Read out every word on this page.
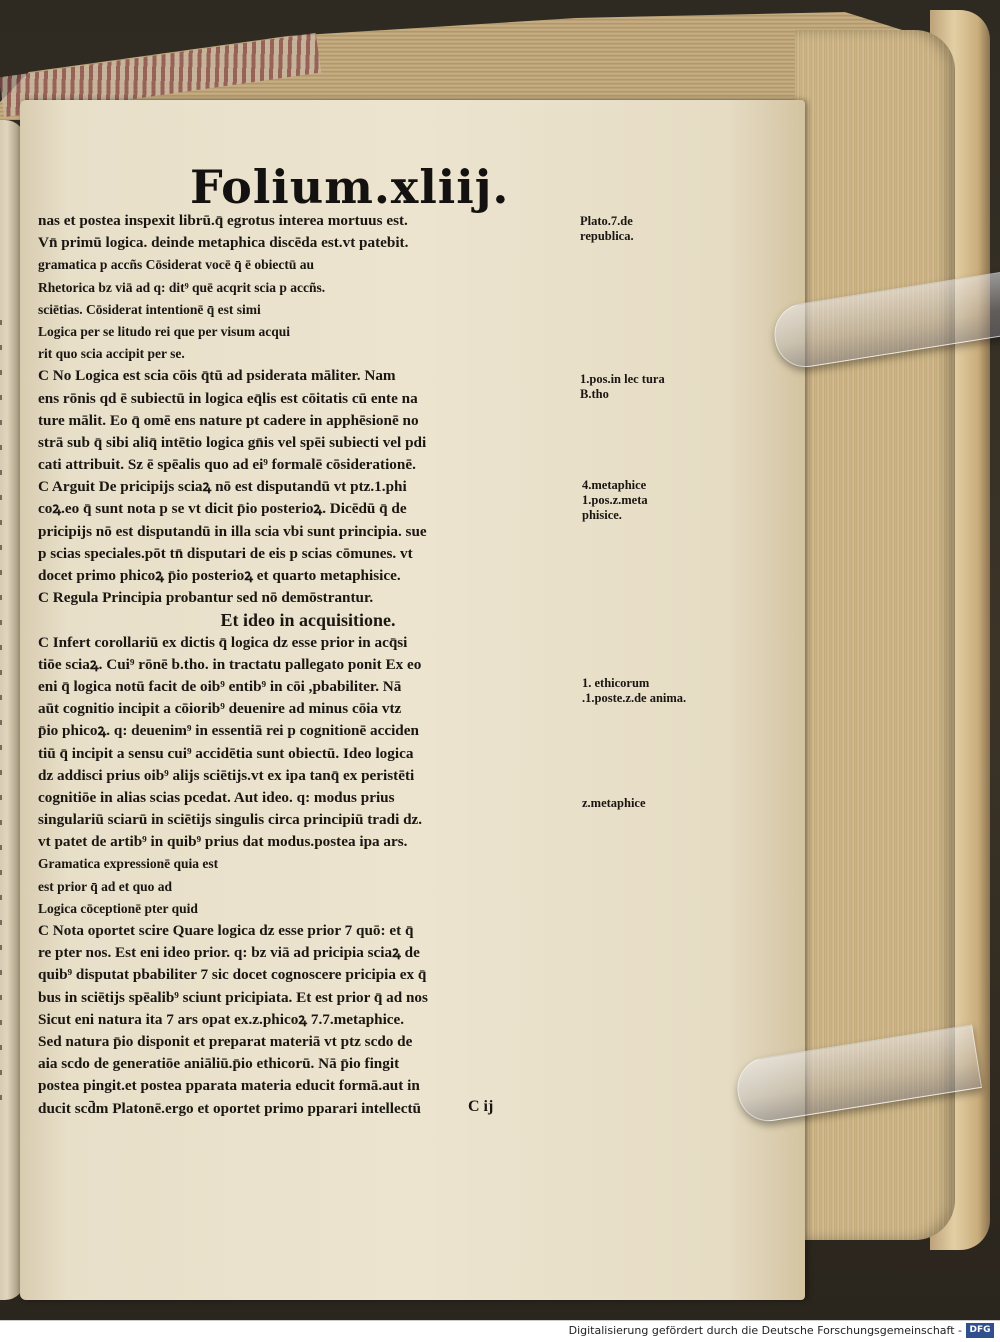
Folium.xliij.
nas et postea inspexit librū.q̄ egrotus interea mortuus est.
Vn̄ primū logica. deinde metaphica discēda est.vt patebit.
gramatica p accñs Cōsiderat vocē q̄ ē obiectū au
Rhetorica bz viā ad q: dit⁹ quē acqrit scia p accñs.
sciētias. Cōsiderat intentionē q̄ est simi
Logica per se litudo rei que per visum acqui
rit quo scia accipit per se.
C No Logica est scia cōis q̄tū ad psiderata māliter. Nam
ens rōnis qd ē subiectū in logica eq̄lis est cōitatis cū ente na
ture mālit. Eo q̄ omē ens nature pt cadere in apphēsionē no
strā sub q̄ sibi aliq̄ intētio logica gn̄is vel spēi subiecti vel pdi
cati attribuit. Sz ē spēalis quo ad ei⁹ formalē cōsiderationē.
C Arguit De pricipijs sciaꝝ nō est disputandū vt ptz.1.phi
coꝝ.eo q̄ sunt nota p se vt dicit p̄io posterioꝝ. Dicēdū q̄ de
pricipijs nō est disputandū in illa scia vbi sunt principia. sue
p scias speciales.pōt tn̄ disputari de eis p scias cōmunes. vt
docet primo phicoꝝ p̄io posterioꝝ et quarto metaphisice.
C Regula Principia probantur sed nō demōstrantur.
Et ideo in acquisitione.
C Infert corollariū ex dictis q̄ logica dz esse prior in acq̄si
tiōe sciaꝝ. Cui⁹ rōnē b.tho. in tractatu pallegato ponit Ex eo
eni q̄ logica notū facit de oib⁹ entib⁹ in cōi ,pbabiliter. Nā
aūt cognitio incipit a cōiorib⁹ deuenire ad minus cōia vtz
p̄io phicoꝝ. q: deuenim⁹ in essentiā rei p cognitionē acciden
tiū q̄ incipit a sensu cui⁹ accidētia sunt obiectū. Ideo logica
dz addisci prius oib⁹ alijs sciētijs.vt ex ipa tanq̄ ex peristēti
cognitiōe in alias scias pcedat. Aut ideo. q: modus prius
singulariū sciarū in sciētijs singulis circa principiū tradi dz.
vt patet de artib⁹ in quib⁹ prius dat modus.postea ipa ars.
Gramatica expressionē quia est
est prior q̄ ad et quo ad
Logica cōceptionē pter quid
C Nota oportet scire Quare logica dz esse prior 7 quō: et q̄
re pter nos. Est eni ideo prior. q: bz viā ad pricipia sciaꝝ de
quib⁹ disputat pbabiliter 7 sic docet cognoscere pricipia ex q̄
bus in sciētijs spēalib⁹ sciunt pricipiata. Et est prior q̄ ad nos
Sicut eni natura ita 7 ars opat ex.z.phicoꝝ 7.7.metaphice.
Sed natura p̄io disponit et preparat materiā vt ptz scdo de
aia scdo de generatiōe aniāliū.p̄io ethicorū. Nā p̄io fingit
postea pingit.et postea pparata materia educit formā.aut in
ducit scd̄m Platonē.ergo et oportet primo pparari intellectū
Plato.7.de republica.
1.pos.in lec tura B.tho
4.metaphice 1.pos.z.meta phisice.
1. ethicorum .1.poste.z.de anima.
z.metaphice
C ij
Digitalisierung gefördert durch die Deutsche Forschungsgemeinschaft - DFG
